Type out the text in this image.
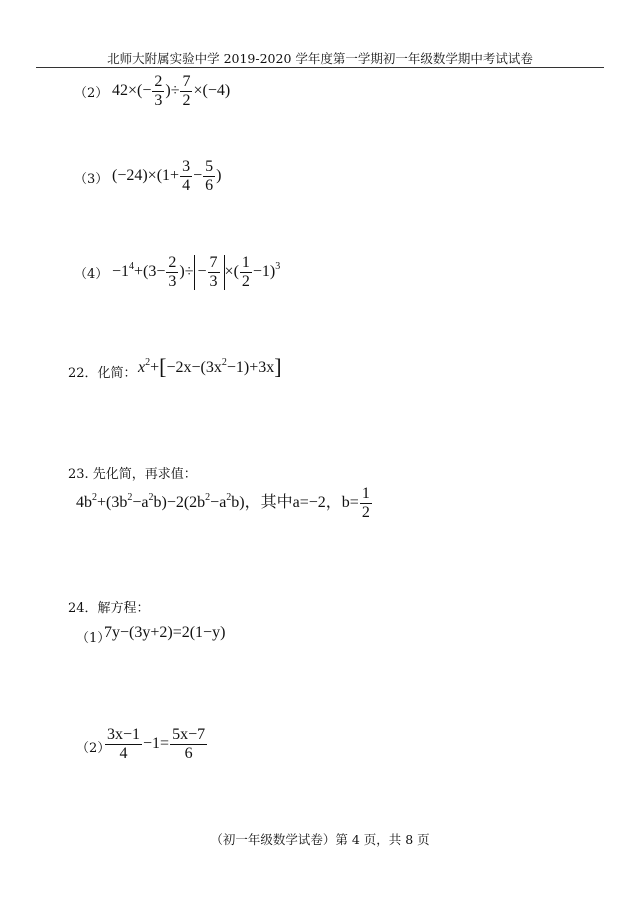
北师大附属实验中学 2019-2020 学年度第一学期初一年级数学期中考试试卷
（2） $42\times(- \frac{2}{3}$ )÷ $\frac{7}{2} \times(-4)$
（3） $(-24)\times(1+ \frac{3}{4} - \frac{5}{6}$ )
$(4) -1^4+(3- \frac{2}{3}$ )÷ − $\frac{7}{3}$ ×( $\frac{1}{2} -1)^3$
22．化简： $x^2+[-2x-(3x^2-1)+3x]$
23. 先化简，再求值：
$4b^2+(3b^2-a^2b)-2(2b^2-a^2b)$，其中a=−2，$b= \frac{1}{2}$
24．解方程：
（1）
7y−(3y+2)=2(1−y)
（2）
$\frac{3x-1}{4} -1= \frac{5x-7}{6}$
（初一年级数学试卷）第 4 页，共 8 页
